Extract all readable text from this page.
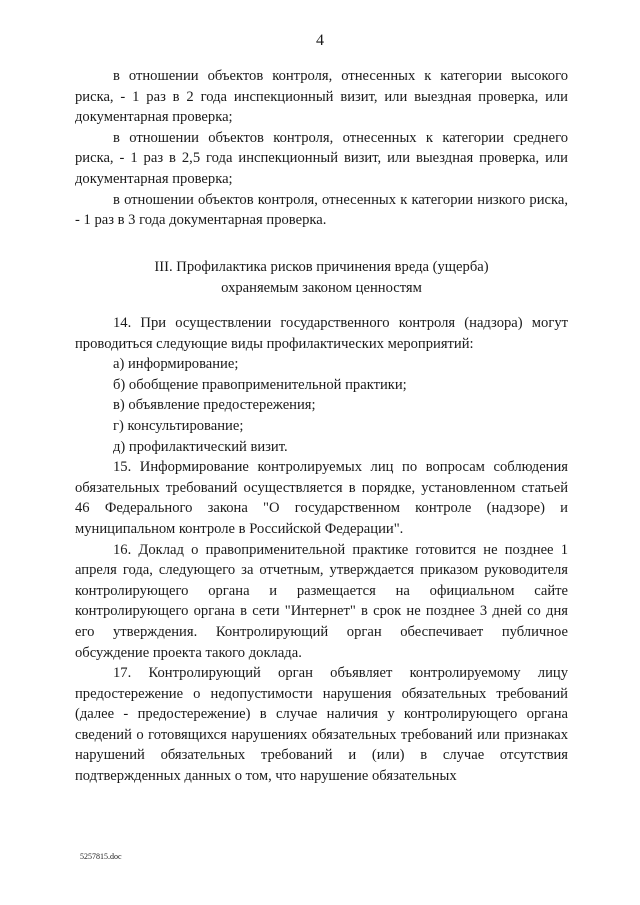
4

в отношении объектов контроля, отнесенных к категории высокого риска, - 1 раз в 2 года инспекционный визит, или выездная проверка, или документарная проверка;

в отношении объектов контроля, отнесенных к категории среднего риска, - 1 раз в 2,5 года инспекционный визит, или выездная проверка, или документарная проверка;

в отношении объектов контроля, отнесенных к категории низкого риска, - 1 раз в 3 года документарная проверка.

III. Профилактика рисков причинения вреда (ущерба)

охраняемым законом ценностям

14. При осуществлении государственного контроля (надзора) могут проводиться следующие виды профилактических мероприятий:

а) информирование;

б) обобщение правоприменительной практики;

в) объявление предостережения;

г) консультирование;

д) профилактический визит.

15. Информирование контролируемых лиц по вопросам соблюдения обязательных требований осуществляется в порядке, установленном статьей 46 Федерального закона "О государственном контроле (надзоре) и муниципальном контроле в Российской Федерации".

16. Доклад о правоприменительной практике готовится не позднее 1 апреля года, следующего за отчетным, утверждается приказом руководителя контролирующего органа и размещается на официальном сайте контролирующего органа в сети "Интернет" в срок не позднее 3 дней со дня его утверждения. Контролирующий орган обеспечивает публичное обсуждение проекта такого доклада.

17. Контролирующий орган объявляет контролируемому лицу предостережение о недопустимости нарушения обязательных требований (далее - предостережение) в случае наличия у контролирующего органа сведений о готовящихся нарушениях обязательных требований или признаках нарушений обязательных требований и (или) в случае отсутствия подтвержденных данных о том, что нарушение обязательных

5257815.doc
